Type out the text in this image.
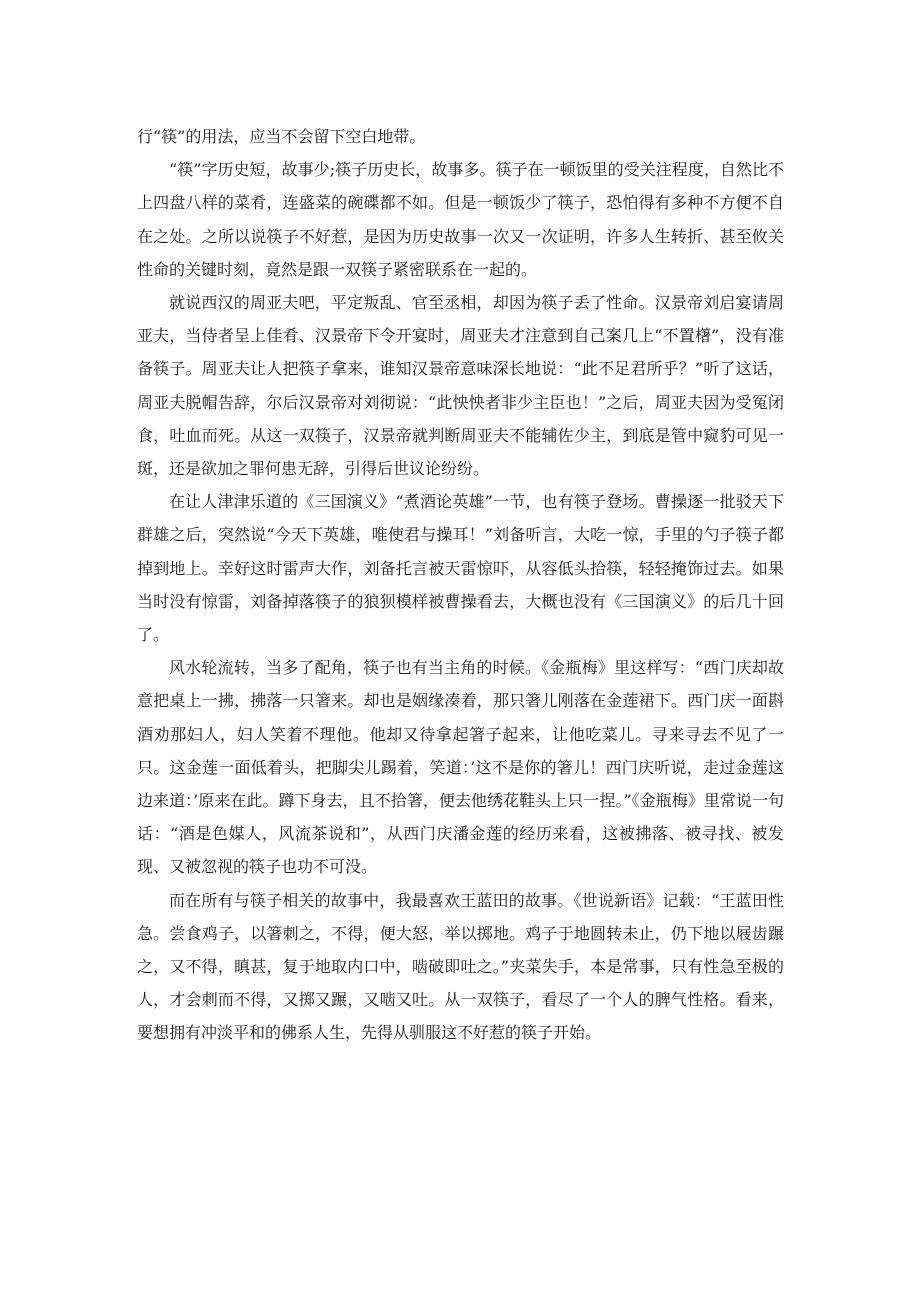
行“筷”的用法，应当不会留下空白地带。

“筷”字历史短，故事少;筷子历史长，故事多。筷子在一顿饭里的受关注程度，自然比不上四盘八样的菜肴，连盛菜的碗碟都不如。但是一顿饭少了筷子，恐怕得有多种不方便不自在之处。之所以说筷子不好惹，是因为历史故事一次又一次证明，许多人生转折、甚至攸关性命的关键时刻，竟然是跟一双筷子紧密联系在一起的。

就说西汉的周亚夫吧，平定叛乱、官至丞相，却因为筷子丢了性命。汉景帝刘启宴请周亚夫，当侍者呈上佳肴、汉景帝下令开宴时，周亚夫才注意到自己案几上“不置櫡”，没有准备筷子。周亚夫让人把筷子拿来，谁知汉景帝意味深长地说：“此不足君所乎？”听了这话，周亚夫脱帽告辞，尔后汉景帝对刘彻说：“此怏怏者非少主臣也！”之后，周亚夫因为受冤闭食，吐血而死。从这一双筷子，汉景帝就判断周亚夫不能辅佐少主，到底是管中窥豹可见一斑，还是欲加之罪何患无辞，引得后世议论纷纷。

在让人津津乐道的《三国演义》“煮酒论英雄”一节，也有筷子登场。曹操逐一批驳天下群雄之后，突然说“今天下英雄，唯使君与操耳！”刘备听言，大吃一惊，手里的勺子筷子都掉到地上。幸好这时雷声大作，刘备托言被天雷惊吓，从容低头拾筷，轻轻掩饰过去。如果当时没有惊雷，刘备掉落筷子的狼狈模样被曹操看去，大概也没有《三国演义》的后几十回了。

风水轮流转，当多了配角，筷子也有当主角的时候。《金瓶梅》里这样写：“西门庆却故意把桌上一拂，拂落一只箸来。却也是姻缘凑着，那只箸儿刚落在金莲裙下。西门庆一面斟酒劝那妇人，妇人笑着不理他。他却又待拿起箸子起来，让他吃菜儿。寻来寻去不见了一只。这金莲一面低着头，把脚尖儿踢着，笑道：’这不是你的箸儿！西门庆听说，走过金莲这边来道：’原来在此。蹲下身去，且不拾箸，便去他绣花鞋头上只一捏。”《金瓶梅》里常说一句话：“酒是色媒人，风流茶说和”，从西门庆潘金莲的经历来看，这被拂落、被寻找、被发现、又被忽视的筷子也功不可没。

而在所有与筷子相关的故事中，我最喜欢王蓝田的故事。《世说新语》记载：“王蓝田性急。尝食鸡子，以箸刺之，不得，便大怒，举以掷地。鸡子于地圆转未止，仍下地以屐齿蹍之，又不得，瞋甚，复于地取内口中，啮破即吐之。”夹菜失手，本是常事，只有性急至极的人，才会刺而不得，又掷又蹍，又啮又吐。从一双筷子，看尽了一个人的脾气性格。看来，要想拥有冲淡平和的佛系人生，先得从驯服这不好惹的筷子开始。
